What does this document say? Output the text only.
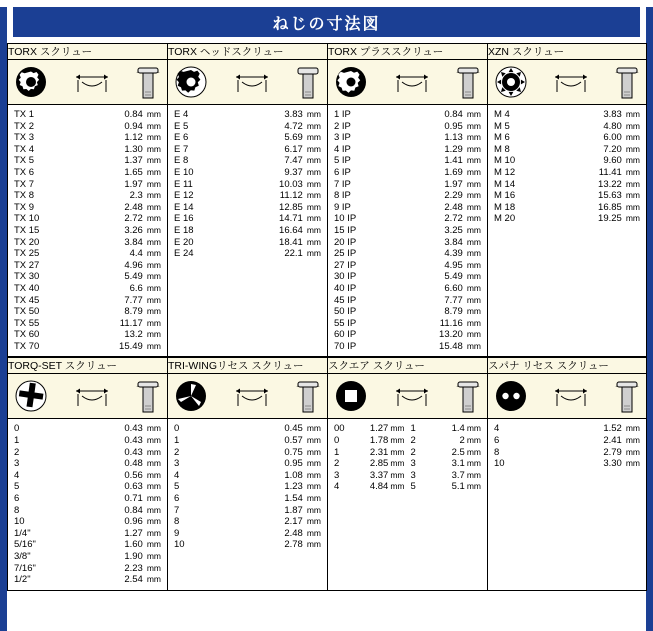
ねじの寸法図
TORX スクリュー	TORX ヘッドスクリュー	TORX プラススクリュー	XZN スクリュー

TX 1	0.84 mm
TX 2	0.94 mm
TX 3	1.12 mm
TX 4	1.30 mm
TX 5	1.37 mm
TX 6	1.65 mm
TX 7	1.97 mm
TX 8	2.3 mm
TX 9	2.48 mm
TX 10	2.72 mm
TX 15	3.26 mm
TX 20	3.84 mm
TX 25	4.4 mm
TX 27	4.96 mm
TX 30	5.49 mm
TX 40	6.6 mm
TX 45	7.77 mm
TX 50	8.79 mm
TX 55	11.17 mm
TX 60	13.2 mm
TX 70	15.49 mm

E 4	3.83 mm
E 5	4.72 mm
E 6	5.69 mm
E 7	6.17 mm
E 8	7.47 mm
E 10	9.37 mm
E 11	10.03 mm
E 12	11.12 mm
E 14	12.85 mm
E 16	14.71 mm
E 18	16.64 mm
E 20	18.41 mm
E 24	22.1 mm

1 IP	0.84 mm
2 IP	0.95 mm
3 IP	1.13 mm
4 IP	1.29 mm
5 IP	1.41 mm
6 IP	1.69 mm
7 IP	1.97 mm
8 IP	2.29 mm
9 IP	2.48 mm
10 IP	2.72 mm
15 IP	3.25 mm
20 IP	3.84 mm
25 IP	4.39 mm
27 IP	4.95 mm
30 IP	5.49 mm
40 IP	6.60 mm
45 IP	7.77 mm
50 IP	8.79 mm
55 IP	11.16 mm
60 IP	13.20 mm
70 IP	15.48 mm

M 4	3.83 mm
M 5	4.80 mm
M 6	6.00 mm
M 8	7.20 mm
M 10	9.60 mm
M 12	11.41 mm
M 14	13.22 mm
M 16	15.63 mm
M 18	16.85 mm
M 20	19.25 mm
TORQ-SET スクリュー	TRI-WINGリセス スクリュー	スクエア スクリュー	スパナ リセス スクリュー

0	0.43 mm
1	0.43 mm
2	0.43 mm
3	0.48 mm
4	0.56 mm
5	0.63 mm
6	0.71 mm
8	0.84 mm
10	0.96 mm
1/4"	1.27 mm
5/16"	1.60 mm
3/8"	1.90 mm
7/16"	2.23 mm
1/2"	2.54 mm

0	0.45 mm
1	0.57 mm
2	0.75 mm
3	0.95 mm
4	1.08 mm
5	1.23 mm
6	1.54 mm
7	1.87 mm
8	2.17 mm
9	2.48 mm
10	2.78 mm

00	1.27 mm 1	1.4 mm
0	1.78 mm 2	2 mm
1	2.31 mm 2	2.5 mm
2	2.85 mm 3	3.1 mm
3	3.37 mm 3	3.7 mm
4	4.84 mm 5	5.1 mm

4	1.52 mm
6	2.41 mm
8	2.79 mm
10	3.30 mm
